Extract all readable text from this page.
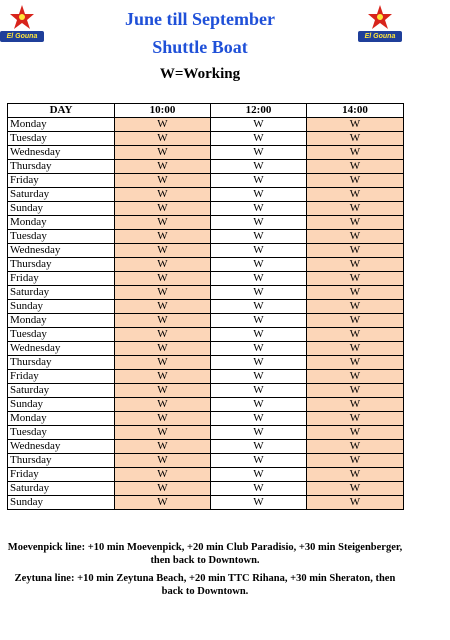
El Gouna	El Gouna
June till September
Shuttle Boat
W=Working
DAY	10:00	12:00	14:00
Monday	W	W	W
Tuesday	W	W	W
Wednesday	W	W	W
Thursday	W	W	W
Friday	W	W	W
Saturday	W	W	W
Sunday	W	W	W
Monday	W	W	W
Tuesday	W	W	W
Wednesday	W	W	W
Thursday	W	W	W
Friday	W	W	W
Saturday	W	W	W
Sunday	W	W	W
Monday	W	W	W
Tuesday	W	W	W
Wednesday	W	W	W
Thursday	W	W	W
Friday	W	W	W
Saturday	W	W	W
Sunday	W	W	W
Monday	W	W	W
Tuesday	W	W	W
Wednesday	W	W	W
Thursday	W	W	W
Friday	W	W	W
Saturday	W	W	W
Sunday	W	W	W
Moevenpick line: +10 min Moevenpick, +20 min Club Paradisio, +30 min Steigenberger, then back to Downtown.
Zeytuna line: +10 min Zeytuna Beach, +20 min TTC Rihana, +30 min Sheraton, then back to Downtown.
